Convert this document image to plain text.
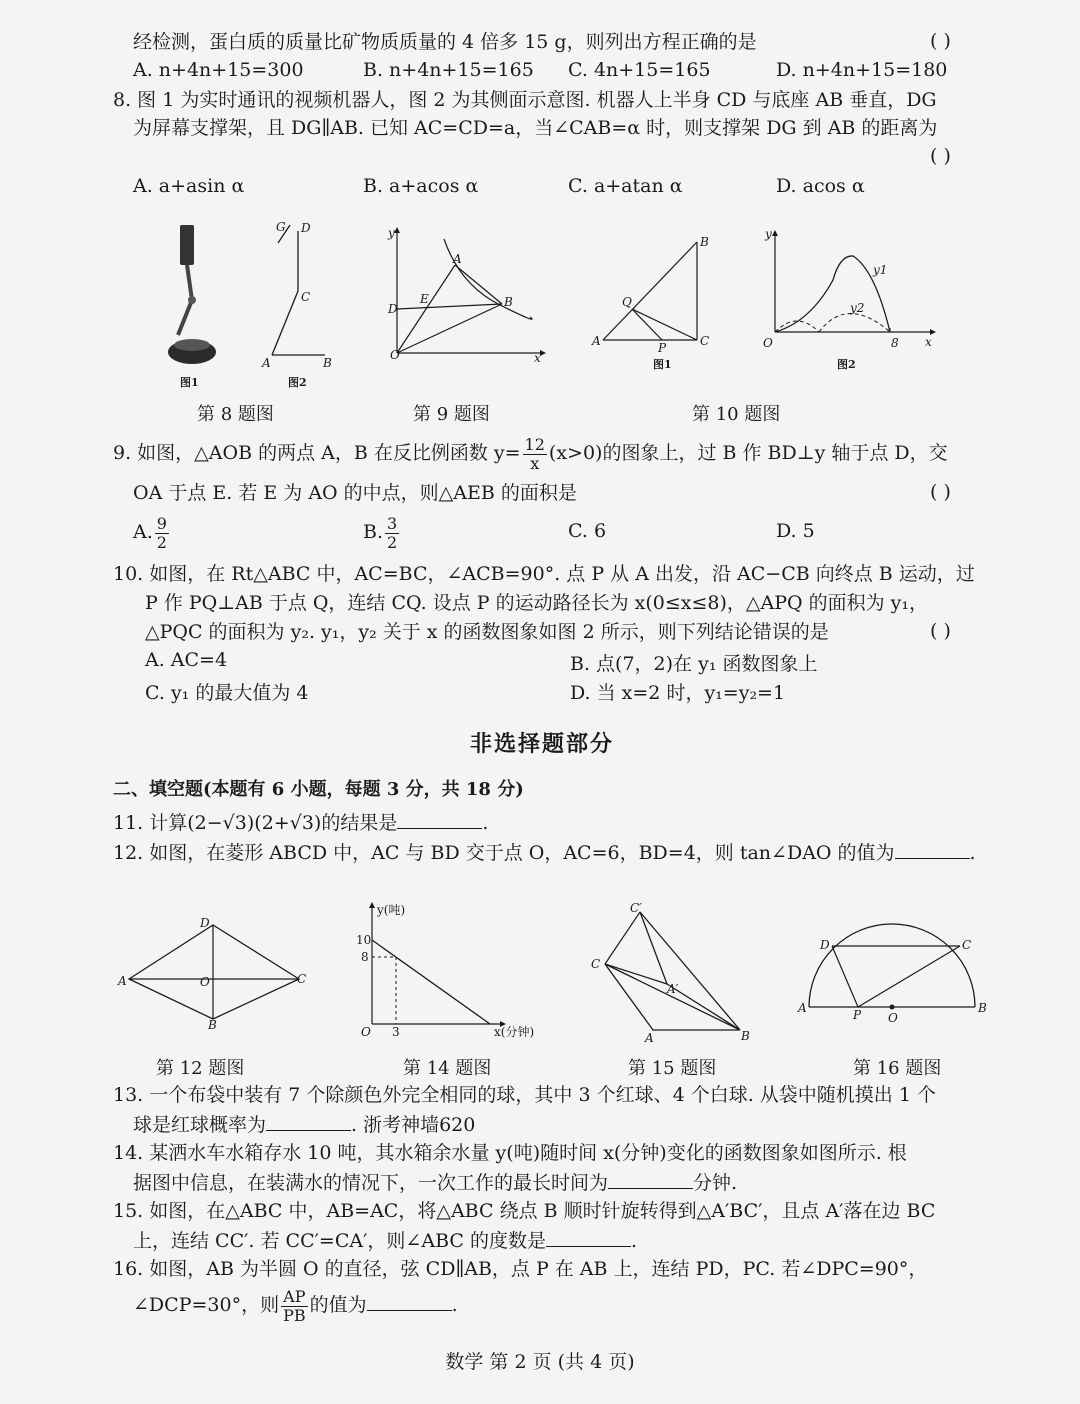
经检测，蛋白质的质量比矿物质质量的 4 倍多 15 g，则列出方程正确的是	( )
A. n+4n+15=300	B. n+4n+15=165 C. 4n+15=165	D. n+4n+15=180
8. 图 1 为实时通讯的视频机器人，图 2 为其侧面示意图. 机器人上半身 CD 与底座 AB 垂直，DG
为屏幕支撑架，且 DG∥AB. 已知 AC=CD=a，当∠CAB=α 时，则支撑架 DG 到 AB 的距离为
( )
A. a+asin α	B. a+acos α	C. a+atan α	D. acos α
图1
G D
C
A	B
图2
第 8 题图
y
A
D
E	B
O	x
第 9 题图
B
Q
A	P	C
图1
y
y1
y2
O	8 x
图2
第 10 题图
9. 如图，△AOB 的两点 A，B 在反比例函数 $y= \frac{12}{x} (x>0)$的图象上，过 B 作 BD⊥y 轴于点 D，交
OA 于点 E. 若 E 为 AO 的中点，则△AEB 的面积是	( )
A. $\frac{9}{2}$	B. $\frac{3}{2}$	C. 6	D. 5
10. 如图，在 Rt△ABC 中，AC=BC，∠ACB=90°. 点 P 从 A 出发，沿 AC−CB 向终点 B 运动，过
P 作 PQ⊥AB 于点 Q，连结 CQ. 设点 P 的运动路径长为 x(0≤x≤8)，△APQ 的面积为 y₁，
△PQC 的面积为 y₂. y₁，y₂ 关于 x 的函数图象如图 2 所示，则下列结论错误的是	( )
A. AC=4	B. 点(7，2)在 y₁ 函数图象上
C. y₁ 的最大值为 4	D. 当 x=2 时，y₁=y₂=1
非选择题部分
二、填空题(本题有 6 小题，每题 3 分，共 18 分)
11. 计算(2−√3)(2+√3)的结果是	.
12. 如图，在菱形 ABCD 中，AC 与 BD 交于点 O，AC=6，BD=4，则 tan∠DAO 的值为	.
D
A	O	C
B
第 12 题图
y(吨)
10
8
O 3	x(分钟)
第 14 题图
C′
C
A′
A	B
第 15 题图
D	C
A	P O
B
第 16 题图
13. 一个布袋中装有 7 个除颜色外完全相同的球，其中 3 个红球、4 个白球. 从袋中随机摸出 1 个
球是红球概率为	. 浙考神墙620
14. 某洒水车水箱存水 10 吨，其水箱余水量 y(吨)随时间 x(分钟)变化的函数图象如图所示. 根
据图中信息，在装满水的情况下，一次工作的最长时间为	分钟.
15. 如图，在△ABC 中，AB=AC，将△ABC 绕点 B 顺时针旋转得到△A′BC′，且点 A′落在边 BC
上，连结 CC′. 若 CC′=CA′，则∠ABC 的度数是	.
16. 如图，AB 为半圆 O 的直径，弦 CD∥AB，点 P 在 AB 上，连结 PD，PC. 若∠DPC=90°，
∠DCP=30°，则 $\frac{AP}{PB}$ 的值为	.
数学 第 2 页 (共 4 页)
